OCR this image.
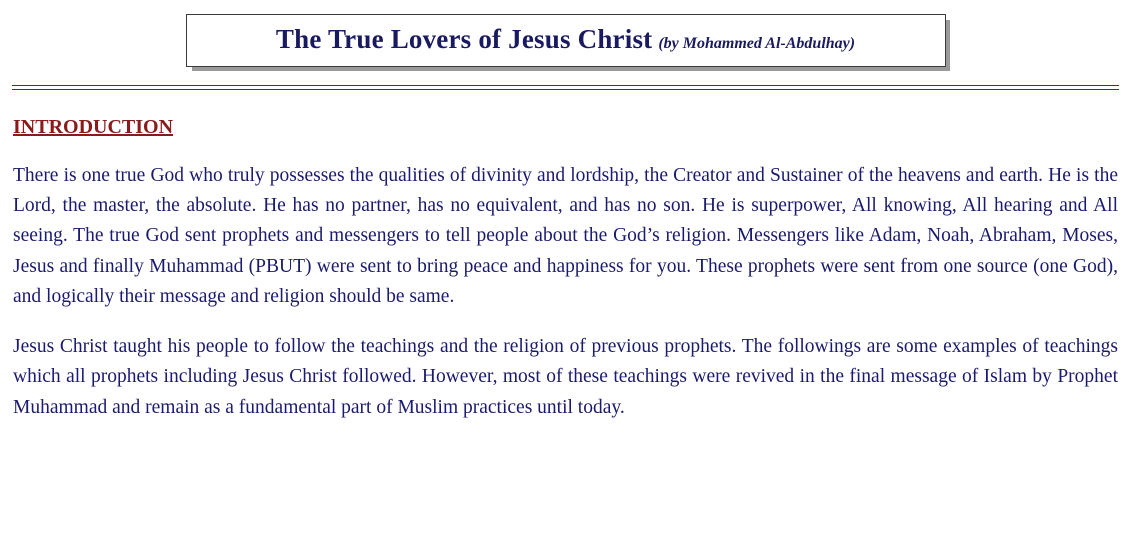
The True Lovers of Jesus Christ (by Mohammed Al-Abdulhay)
INTRODUCTION

There is one true God who truly possesses the qualities of divinity and lordship, the Creator and Sustainer of the heavens and earth. He is the Lord, the master, the absolute. He has no partner, has no equivalent, and has no son. He is superpower, All knowing, All hearing and All seeing. The true God sent prophets and messengers to tell people about the God’s religion. Messengers like Adam, Noah, Abraham, Moses, Jesus and finally Muhammad (PBUT) were sent to bring peace and happiness for you. These prophets were sent from one source (one God), and logically their message and religion should be same.

Jesus Christ taught his people to follow the teachings and the religion of previous prophets. The followings are some examples of teachings which all prophets including Jesus Christ followed. However, most of these teachings were revived in the final message of Islam by Prophet Muhammad and remain as a fundamental part of Muslim practices until today.
